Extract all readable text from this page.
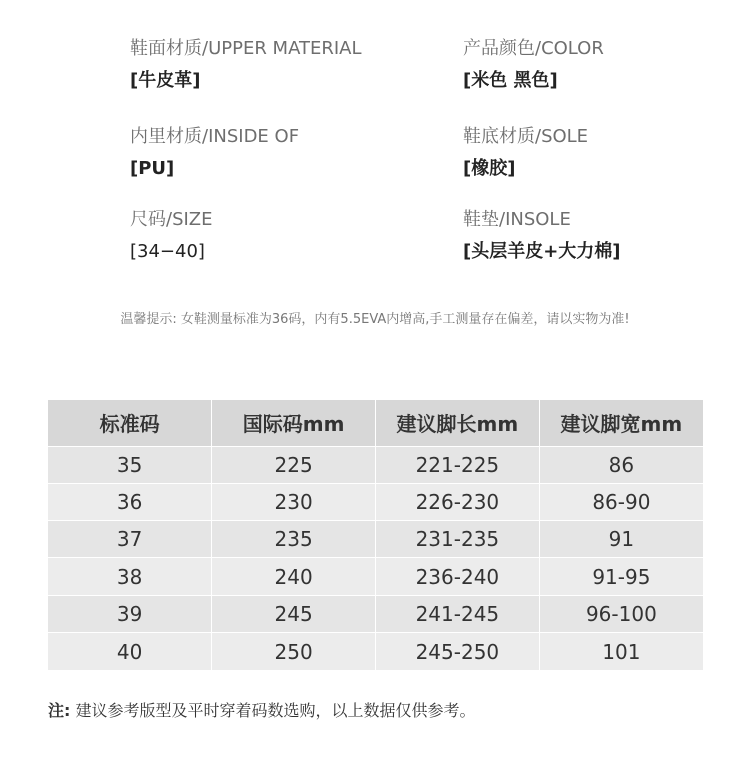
鞋面材质/UPPER MATERIAL
[牛皮革]
产品颜色/COLOR
[米色 黑色]
内里材质/INSIDE OF
[PU]
鞋底材质/SOLE
[橡胶]
尺码/SIZE
[34−40]
鞋垫/INSOLE
[头层羊皮+大力棉]
温馨提示: 女鞋测量标准为36码，内有5.5EVA内增高,手工测量存在偏差，请以实物为准!
标准码	国际码mm	建议脚长mm	建议脚宽mm
35	225	221-225	86
36	230	226-230	86-90
37	235	231-235	91
38	240	236-240	91-95
39	245	241-245	96-100
40	250	245-250	101
注: 建议参考版型及平时穿着码数选购，以上数据仅供参考。
